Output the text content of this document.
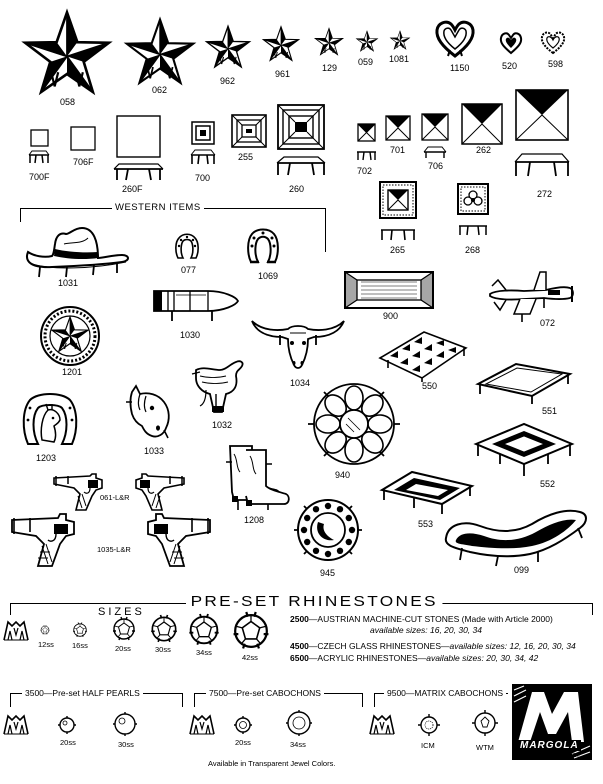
058
062
962
961
129
059 1081
1150	520	598
700F
706F
260F
700
255
260
702
701
706
262
272
265	268
WESTERN ITEMS
1031
077
1069
1030
900
072
1201
1034	550
1032
1203
1033
940
551
552
061-L&R
1208	553
1035-L&R
945	099
PRE-SET RHINESTONES
SIZES
12ss 16ss	20ss	30ss	34ss
42ss
2500—AUSTRIAN MACHINE-CUT STONES (Made with Article 2000)
available sizes: 16, 20, 30, 34
4500—CZECH GLASS RHINESTONES—available sizes: 12, 16, 20, 30, 34
6500—ACRYLIC RHINESTONES—available sizes: 20, 30, 34, 42
3500—Pre-set HALF PEARLS
20ss	30ss
7500—Pre-set CABOCHONS
20ss	34ss
Available in Transparent Jewel Colors.
9500—MATRIX CABOCHONS
ICM	WTM	MARGOLA
CORP
